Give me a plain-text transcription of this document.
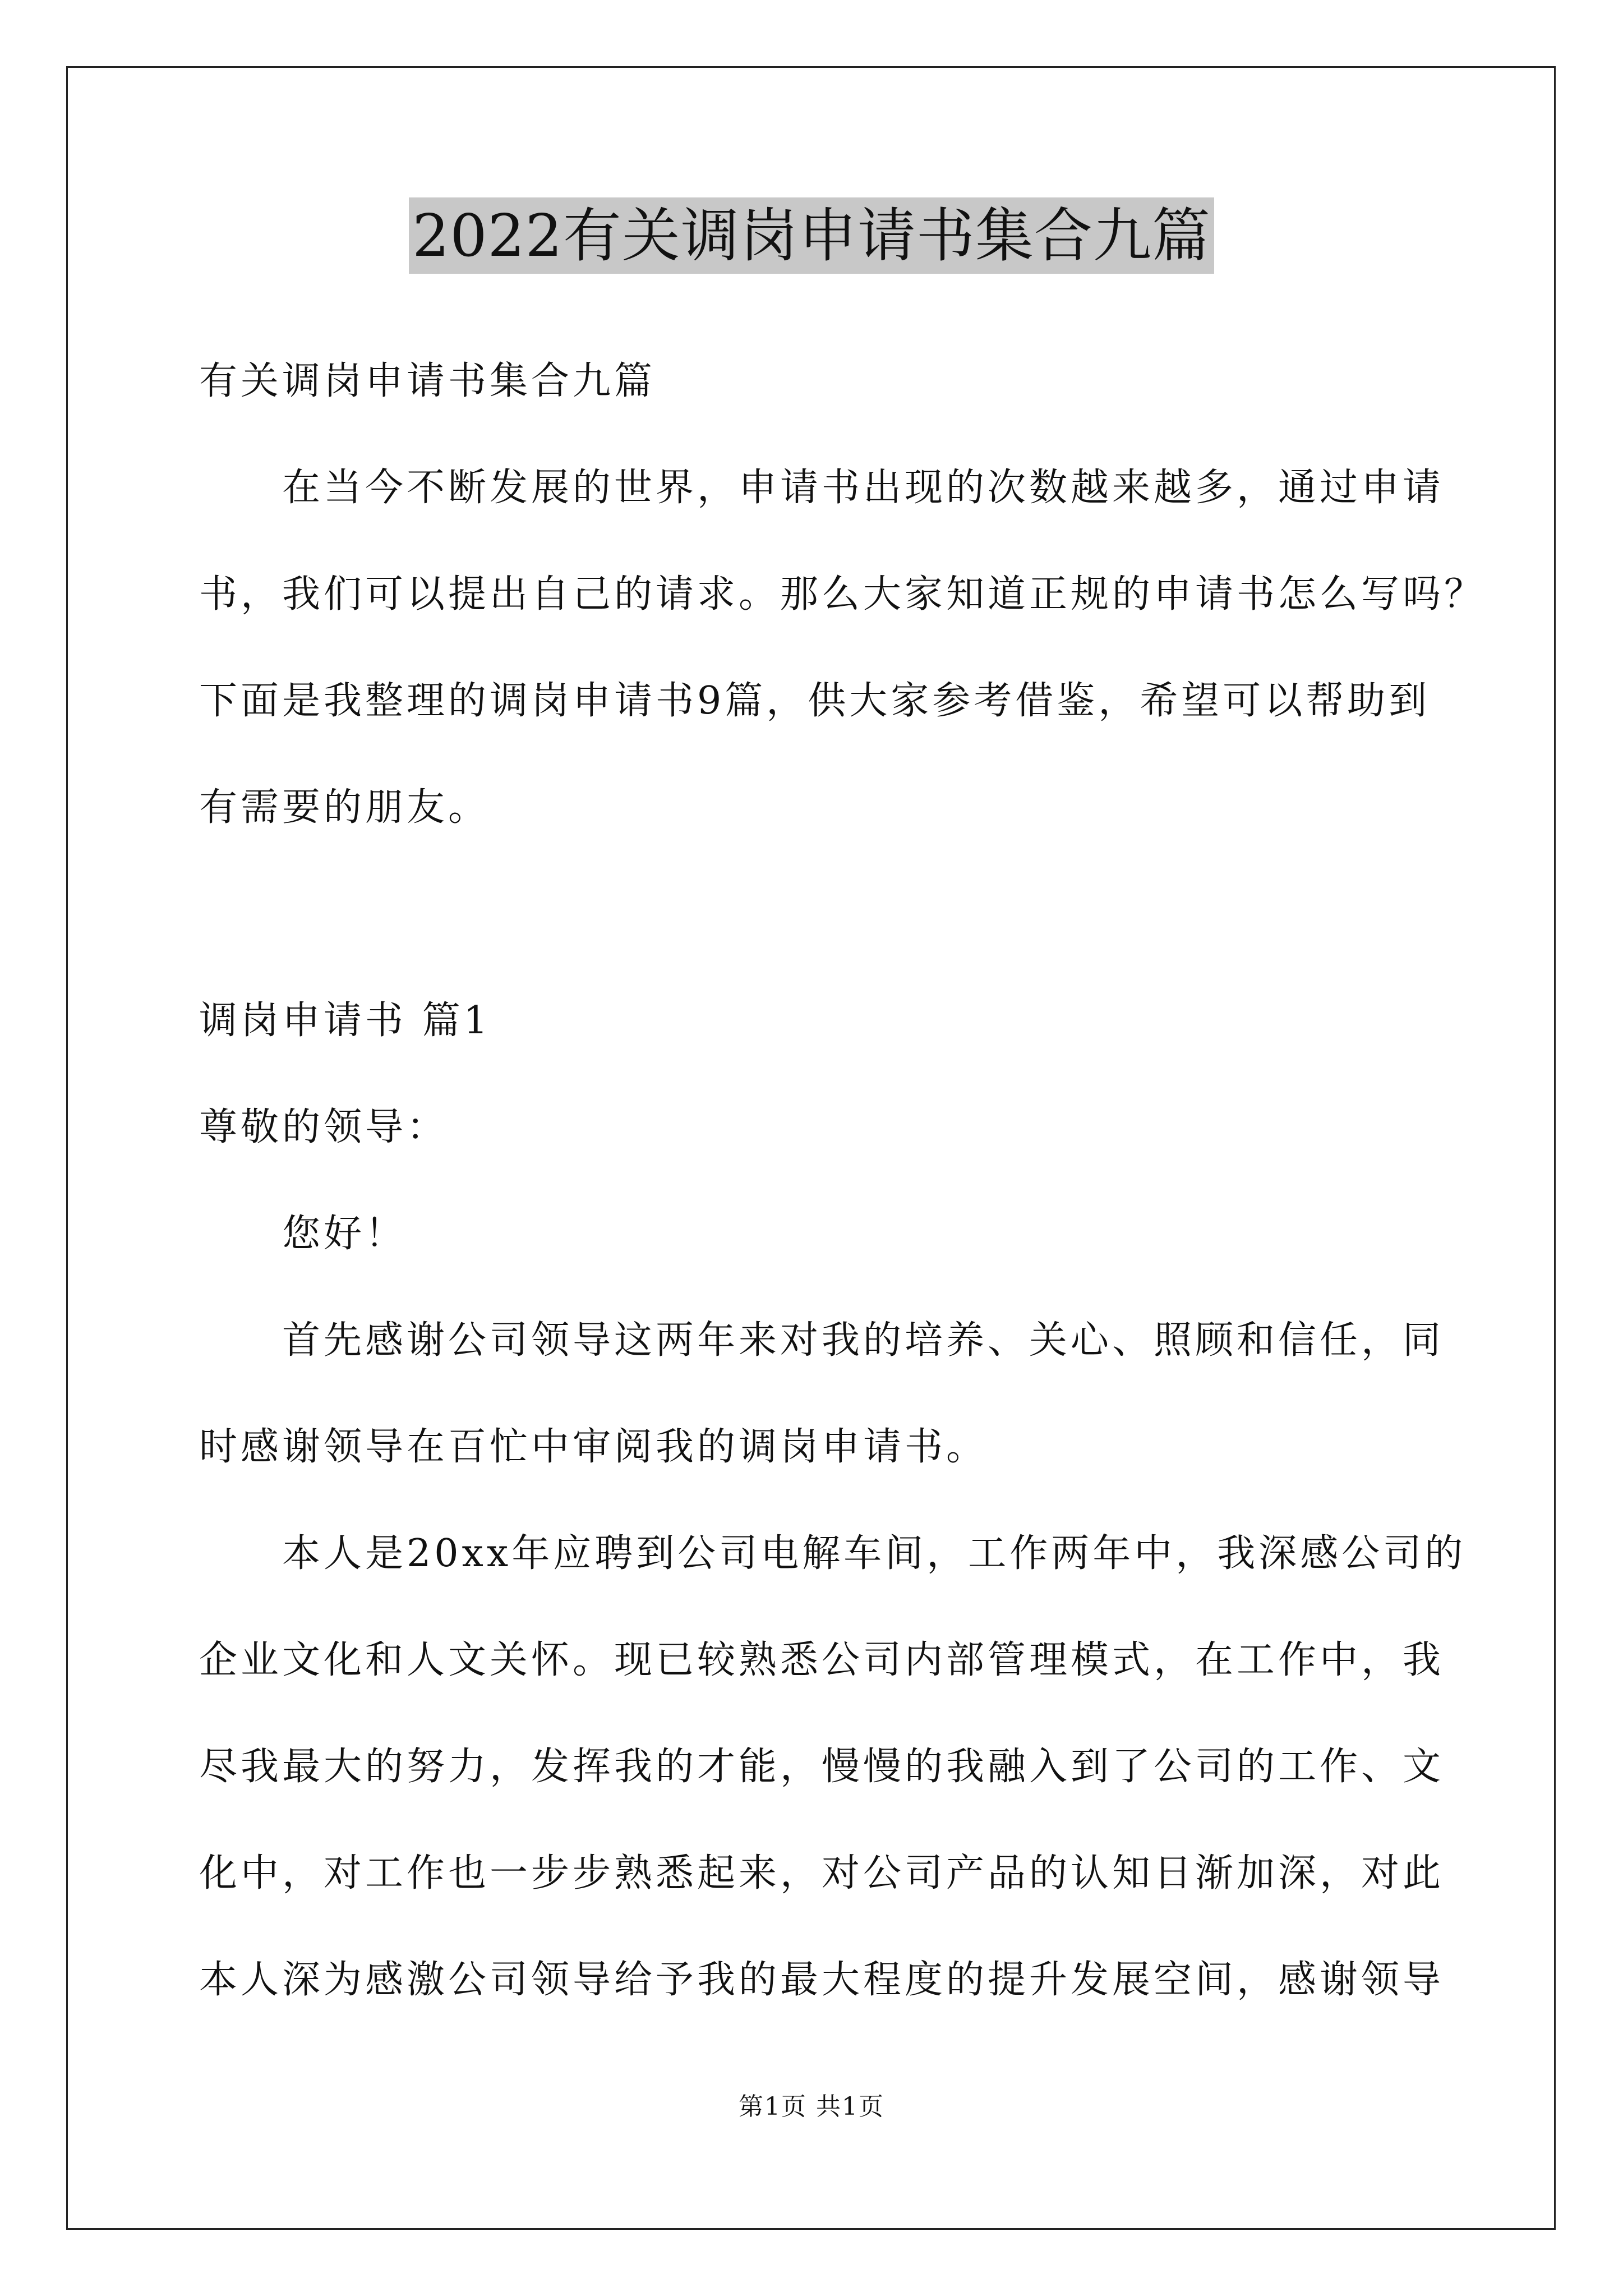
2022有关调岗申请书集合九篇

有关调岗申请书集合九篇

在当今不断发展的世界，申请书出现的次数越来越多，通过申请
书，我们可以提出自己的请求。那么大家知道正规的申请书怎么写吗？
下面是我整理的调岗申请书9篇，供大家参考借鉴，希望可以帮助到
有需要的朋友。
调岗申请书 篇1
尊敬的领导：
您好！
首先感谢公司领导这两年来对我的培养、关心、照顾和信任，同
时感谢领导在百忙中审阅我的调岗申请书。
本人是20xx年应聘到公司电解车间，工作两年中，我深感公司的
企业文化和人文关怀。现已较熟悉公司内部管理模式，在工作中，我
尽我最大的努力，发挥我的才能，慢慢的我融入到了公司的工作、文
化中，对工作也一步步熟悉起来，对公司产品的认知日渐加深，对此
本人深为感激公司领导给予我的最大程度的提升发展空间，感谢领导
第1页 共1页
